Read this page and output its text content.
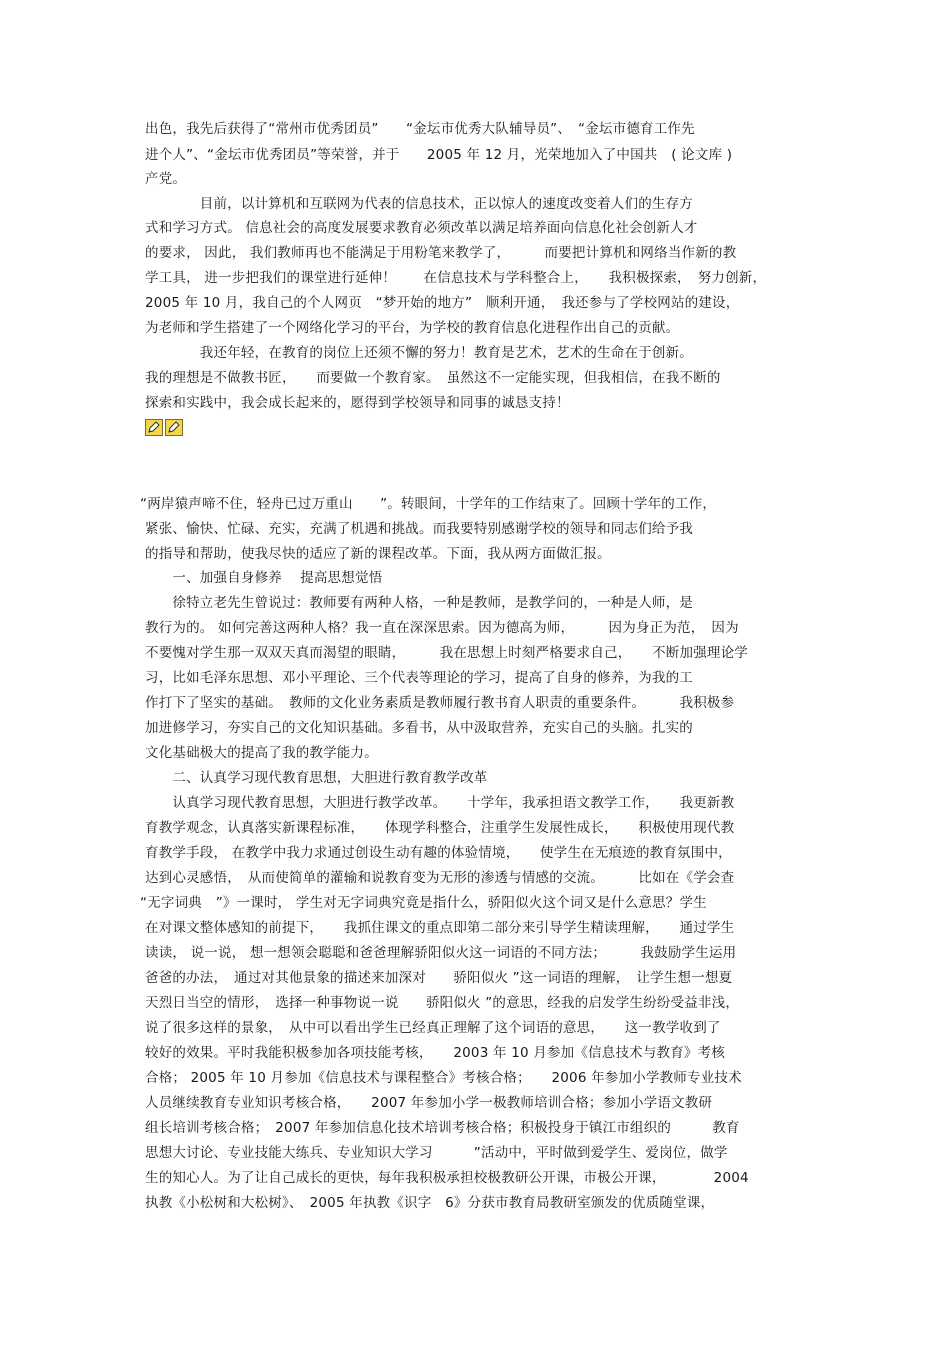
出色，我先后获得了“常州市优秀团员”　　“金坛市优秀大队辅导员”、　“金坛市德育工作先
进个人”、“金坛市优秀团员”等荣誉，并于　　2005 年 12 月，光荣地加入了中国共　( 论文库 )
产党。
　　　　目前，以计算机和互联网为代表的信息技术，正以惊人的速度改变着人们的生存方
式和学习方式。 信息社会的高度发展要求教育必须改革以满足培养面向信息化社会创新人才
的要求， 因此， 我们教师再也不能满足于用粉笔来教学了，　　　而要把计算机和网络当作新的教
学工具， 进一步把我们的课堂进行延伸！　　在信息技术与学科整合上，　　我积极探索，　努力创新，
2005 年 10 月，我自己的个人网页　“梦开始的地方”　顺利开通，　我还参与了学校网站的建设，
为老师和学生搭建了一个网络化学习的平台，为学校的教育信息化进程作出自己的贡献。
　　　　我还年轻，在教育的岗位上还须不懈的努力！教育是艺术，艺术的生命在于创新。
我的理想是不做教书匠，　　而要做一个教育家。　虽然这不一定能实现，但我相信，在我不断的
探索和实践中，我会成长起来的，愿得到学校领导和同事的诚恳支持！
“两岸猿声啼不住，轻舟已过万重山　　”。转眼间，十学年的工作结束了。回顾十学年的工作，
紧张、愉快、忙碌、充实，充满了机遇和挑战。而我要特别感谢学校的领导和同志们给予我
的指导和帮助，使我尽快的适应了新的课程改革。下面，我从两方面做汇报。
　　一、加强自身修养　 提高思想觉悟
　　徐特立老先生曾说过：教师要有两种人格，一种是教师，是教学问的，一种是人师，是
教行为的。 如何完善这两种人格？我一直在深深思索。因为德高为师，　　　因为身正为范，　因为
不要愧对学生那一双双天真而渴望的眼睛，　　　我在思想上时刻严格要求自己，　　不断加强理论学
习，比如毛泽东思想、邓小平理论、三个代表等理论的学习，提高了自身的修养，为我的工
作打下了坚实的基础。　教师的文化业务素质是教师履行教书育人职责的重要条件。　　　我积极参
加进修学习，夯实自己的文化知识基础。多看书，从中汲取营养，充实自己的头脑。扎实的
文化基础极大的提高了我的教学能力。
　　二、认真学习现代教育思想，大胆进行教育教学改革
　　认真学习现代教育思想，大胆进行教学改革。　　十学年，我承担语文教学工作，　　我更新教
育教学观念，认真落实新课程标准，　　体现学科整合，注重学生发展性成长，　　积极使用现代教
育教学手段， 在教学中我力求通过创设生动有趣的体验情境，　　使学生在无痕迹的教育氛围中，
达到心灵感悟，　从而使简单的灌输和说教育变为无形的渗透与情感的交流。　　　比如在《学会查
“无字词典　”》一课时， 学生对无字词典究竟是指什么，骄阳似火这个词又是什么意思？学生
在对课文整体感知的前提下，　　我抓住课文的重点即第二部分来引导学生精读理解，　　通过学生
读读， 说一说， 想一想领会聪聪和爸爸理解骄阳似火这一词语的不同方法；　　　我鼓励学生运用
爸爸的办法，　通过对其他景象的描述来加深对　　骄阳似火 ”这一词语的理解，　让学生想一想夏
天烈日当空的情形，　选择一种事物说一说　　骄阳似火 ”的意思，经我的启发学生纷纷受益非浅，
说了很多这样的景象，　从中可以看出学生已经真正理解了这个词语的意思，　　这一教学收到了
较好的效果。平时我能积极参加各项技能考核，　　2003 年 10 月参加《信息技术与教育》考核
合格； 2005 年 10 月参加《信息技术与课程整合》考核合格；　　2006 年参加小学教师专业技术
人员继续教育专业知识考核合格，　　2007 年参加小学一极教师培训合格；参加小学语文教研
组长培训考核合格；　2007 年参加信息化技术培训考核合格；积极投身于镇江市组织的　　　教育
思想大讨论、专业技能大练兵、专业知识大学习　　　”活动中，平时做到爱学生、爱岗位，做学
生的知心人。为了让自己成长的更快，每年我积极承担校极教研公开课，市极公开课，　　　　2004
执教《小松树和大松树》、　2005 年执教《识字　6》分获市教育局教研室颁发的优质随堂课，
